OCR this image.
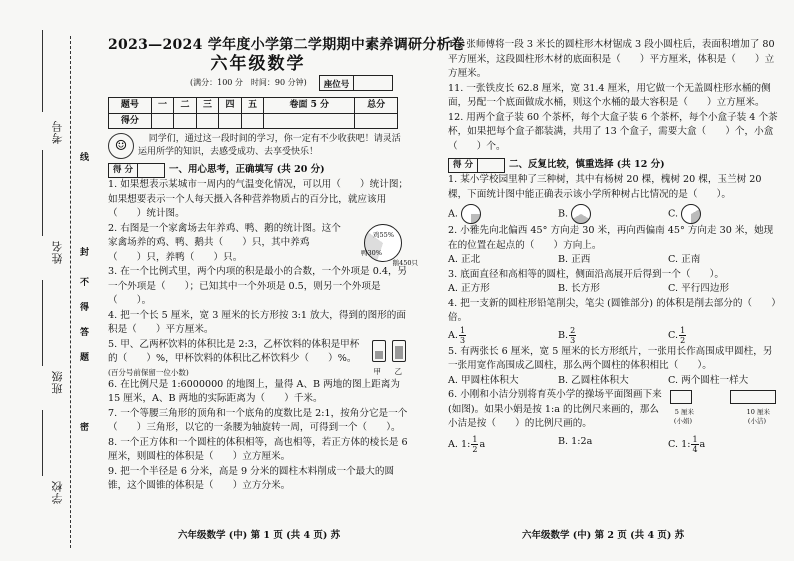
考号
姓名
班级
学校
线
封
不
得
答
题
密
2023—2024 学年度小学第二学期期中素养调研分析卷
六年级数学
(满分：100 分　时间：90 分钟)	座位号
题号	一	二	三	四	五	卷面 5 分	总分
得分							
☺	同学们，通过这一段时间的学习，你一定有不少收获吧！请灵活运用所学的知识，去感受成功、去享受快乐！
得 分	一、用心思考，正确填写 (共 20 分)

1. 如果想表示某城市一周内的气温变化情况，可以用（　　）统计图；如果想要表示一个人每天摄入各种营养物质占的百分比，就应该用（　　）统计图。

2. 右图是一个家禽场去年养鸡、鸭、鹅的统计图。这个家禽场养的鸡、鸭、鹅共（　　）只，其中养鸡（　　）只，养鸭（　　）只。

鸡55%
鸭30%
鹅450只

3. 在一个比例式里，两个内项的积是最小的合数，一个外项是 0.4，另一个外项是（　　）；已知其中一个外项是 0.5，则另一个外项是（　　）。

4. 把一个长 5 厘米，宽 3 厘米的长方形按 3:1 放大，得到的图形的面积是（　　）平方厘米。

5. 甲、乙两杯饮料的体积比是 2:3，乙杯饮料的体积是甲杯的（　　）%，甲杯饮料的体积比乙杯饮料少（　　）%。

(百分号前保留一位小数)	甲 乙

6. 在比例尺是 1:6000000 的地图上，量得 A、B 两地的图上距离为 15 厘米，A、B 两地的实际距离为（　　）千米。

7. 一个等腰三角形的顶角和一个底角的度数比是 2:1，按角分它是一个（　　）三角形，以它的一条腰为轴旋转一周，可得到一个（　　）。

8. 一个正方体和一个圆柱的体积相等，高也相等，若正方体的棱长是 6 厘米，则圆柱的体积是（　　）立方厘米。

9. 把一个半径是 6 分米，高是 9 分米的圆柱木料削成一个最大的圆锥，这个圆锥的体积是（　　）立方分米。

六年级数学 (中) 第 1 页 (共 4 页) 苏

10. 张师傅将一段 3 米长的圆柱形木材锯成 3 段小圆柱后，表面积增加了 80 平方厘米，这段圆柱形木材的底面积是（　　）平方厘米，体积是（　　）立方厘米。

11. 一张铁皮长 62.8 厘米，宽 31.4 厘米，用它做一个无盖圆柱形水桶的侧面，另配一个底面做成水桶，则这个水桶的最大容积是（　　）立方厘米。

12. 用两个盒子装 60 个茶杯，每个大盒子装 6 个茶杯，每个小盒子装 4 个茶杯，如果把每个盒子都装满，共用了 13 个盒子，需要大盒（　　）个，小盒（　　）个。

得 分	二、反复比较，慎重选择 (共 12 分)

1. 某小学校园里种了三种树，其中有杨树 20 棵，槐树 20 棵，玉兰树 20 棵，下面统计图中能正确表示该小学所种树占比情况的是（　　）。

A.	B.	C.

2. 小雅先向北偏西 45° 方向走 30 米，再向西偏南 45° 方向走 30 米，她现在的位置在起点的（　　）方向上。

A. 正北	B. 正西	C. 正南

3. 底面直径和高相等的圆柱，侧面沿高展开后得到一个（　　）。

A. 正方形	B. 长方形	C. 平行四边形

4. 把一支新的圆柱形铅笔削尖，笔尖 (圆锥部分) 的体积是削去部分的（　　）倍。

A. $\frac{1}{3}$	B. $\frac{2}{3}$	C. $\frac{1}{2}$

5. 有两张长 6 厘米，宽 5 厘米的长方形纸片，一张用长作高围成甲圆柱，另一张用宽作高围成乙圆柱，那么两个圆柱的体积相比（　　）。

A. 甲圆柱体积大	B. 乙圆柱体积大	C. 两个圆柱一样大

6. 小刚和小洁分别将育英小学的操场平面图画下来 (如图)。如果小娟是按 1:a 的比例尺来画的，那么小洁是按（　　）的比例尺画的。

5 厘米	10 厘米
(小娟)	(小洁)
A. 1: $\frac{1}{2}$ a	B. 1:2a	C. 1: $\frac{1}{4}$ a
六年级数学 (中) 第 2 页 (共 4 页) 苏
